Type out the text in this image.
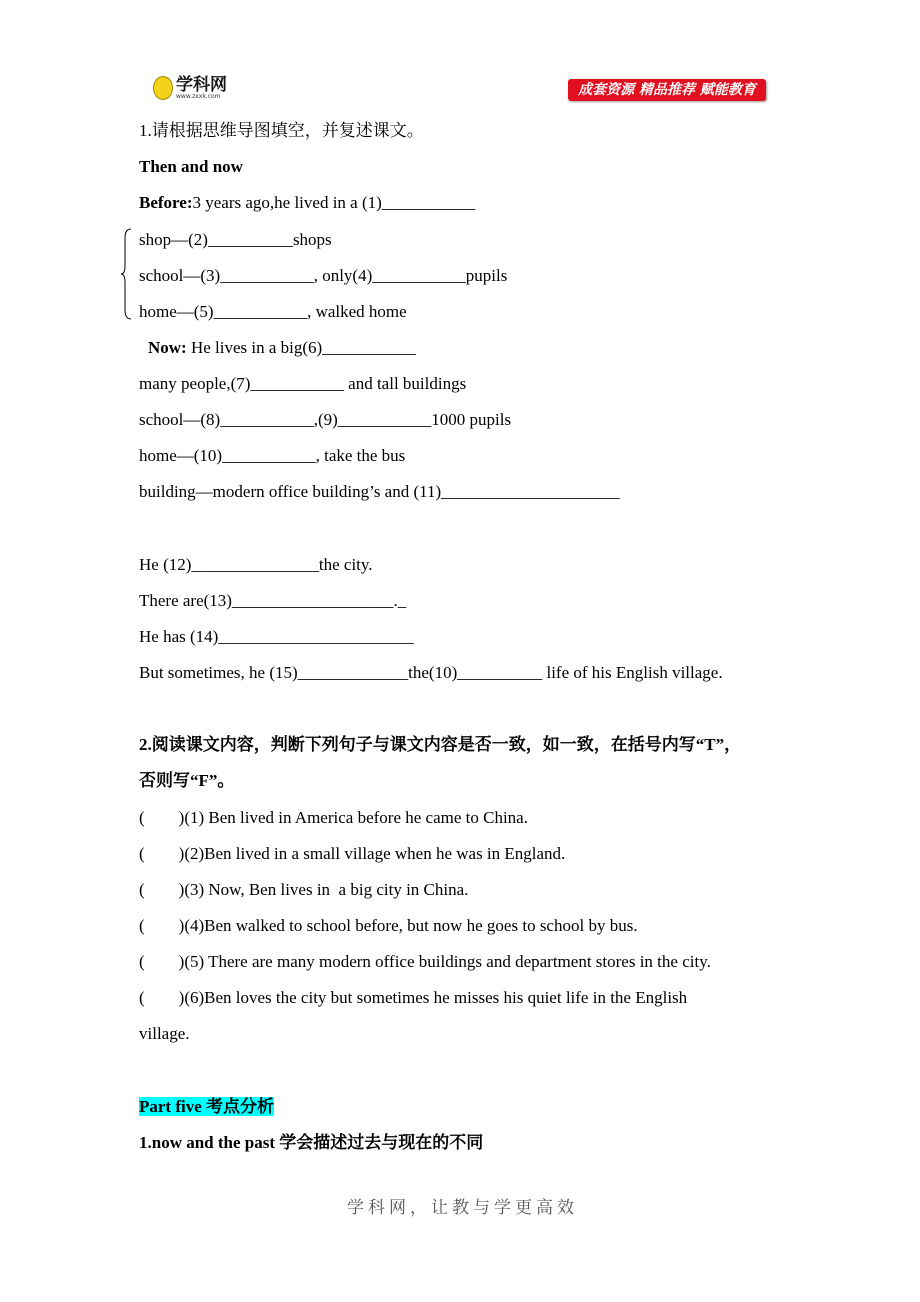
学科网
www.zxxk.com	成套资源 精品推荐 赋能教育
1.请根据思维导图填空，并复述课文。
Then and now
Before:3 years ago,he lived in a (1)___________
shop—(2)__________shops
school—(3)___________, only(4)___________pupils
home—(5)___________, walked home
Now: He lives in a big(6)___________
many people,(7)___________ and tall buildings
school—(8)___________,(9)___________1000 pupils
home—(10)___________, take the bus
building—modern office building’s and (11)_____________________
He (12)_______________the city.
There are(13)___________________._
He has (14)_______________________
But sometimes, he (15)_____________the(10)__________ life of his English village.
2.阅读课文内容，判断下列句子与课文内容是否一致，如一致，在括号内写“T”，
否则写“F”。
(        )(1) Ben lived in America before he came to China.
(        )(2)Ben lived in a small village when he was in England.
(        )(3) Now, Ben lives in  a big city in China.
(        )(4)Ben walked to school before, but now he goes to school by bus.
(        )(5) There are many modern office buildings and department stores in the city.
(        )(6)Ben loves the city but sometimes he misses his quiet life in the English
village.
Part five 考点分析
1.now and the past 学会描述过去与现在的不同
学科网，让教与学更高效
